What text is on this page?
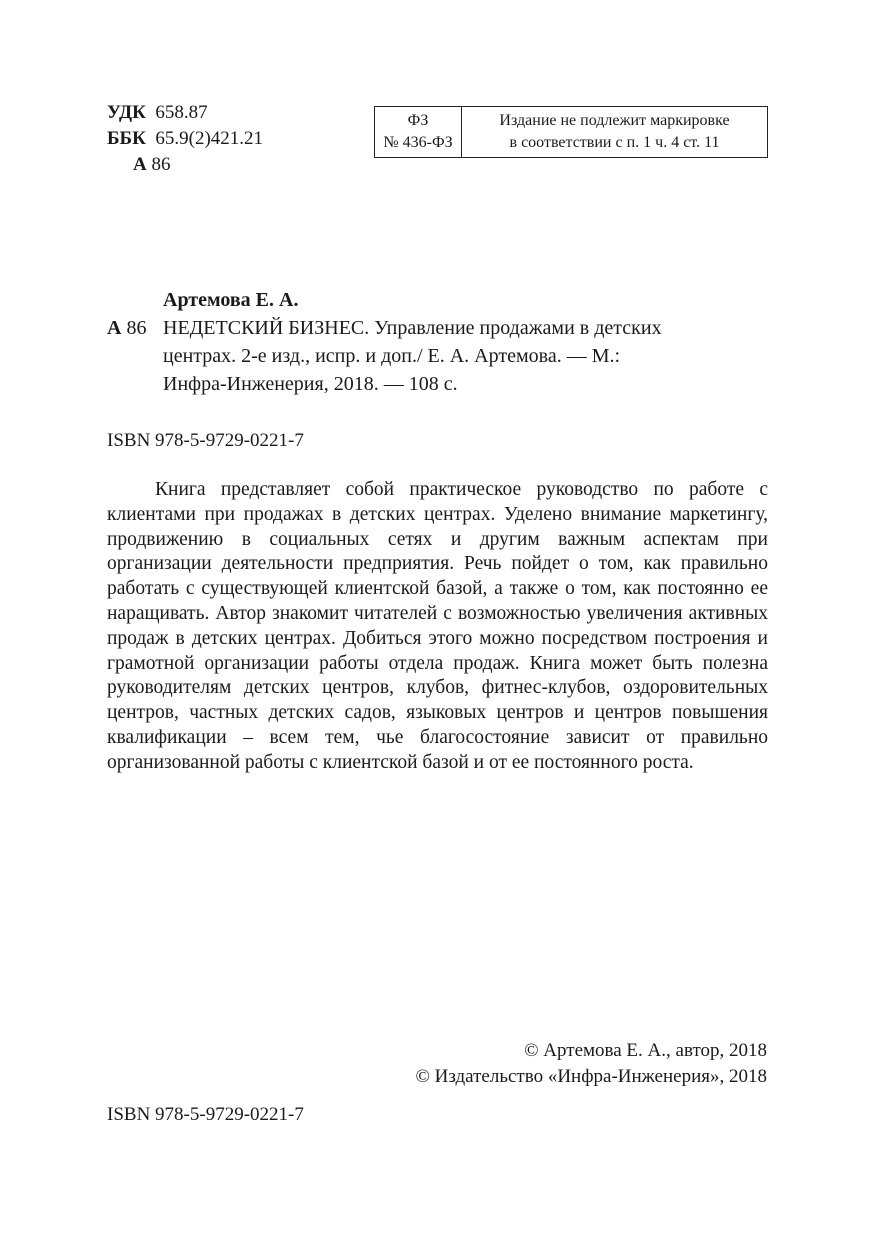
УДК 658.87
ББК 65.9(2)421.21
А 86
ФЗ
№ 436-ФЗ
Издание не подлежит маркировке
в соответствии с п. 1 ч. 4 ст. 11
Артемова Е. А.
А 86 НЕДЕТСКИЙ БИЗНЕС. Управление продажами в детских
центрах. 2-е изд., испр. и доп./ Е. А. Артемова. — М.:
Инфра-Инженерия, 2018. — 108 с.
ISBN 978-5-9729-0221-7

Книга представляет собой практическое руководство по работе с клиентами при продажах в детских центрах. Уделено внимание маркетингу, продвижению в социальных сетях и другим важным аспектам при организации деятельности предприятия. Речь пойдет о том, как правильно работать с существующей клиентской базой, а также о том, как постоянно ее наращивать. Автор знакомит читателей с возможностью увеличения активных продаж в детских центрах. Добиться этого можно посредством построения и грамотной организации работы отдела продаж. Книга может быть полезна руководителям детских центров, клубов, фитнес-клубов, оздоровительных центров, частных детских садов, языковых центров и центров повышения квалификации – всем тем, чье благосостояние зависит от правильно организованной работы с клиентской базой и от ее постоянного роста.

© Артемова Е. А., автор, 2018
© Издательство «Инфра-Инженерия», 2018
ISBN 978-5-9729-0221-7
